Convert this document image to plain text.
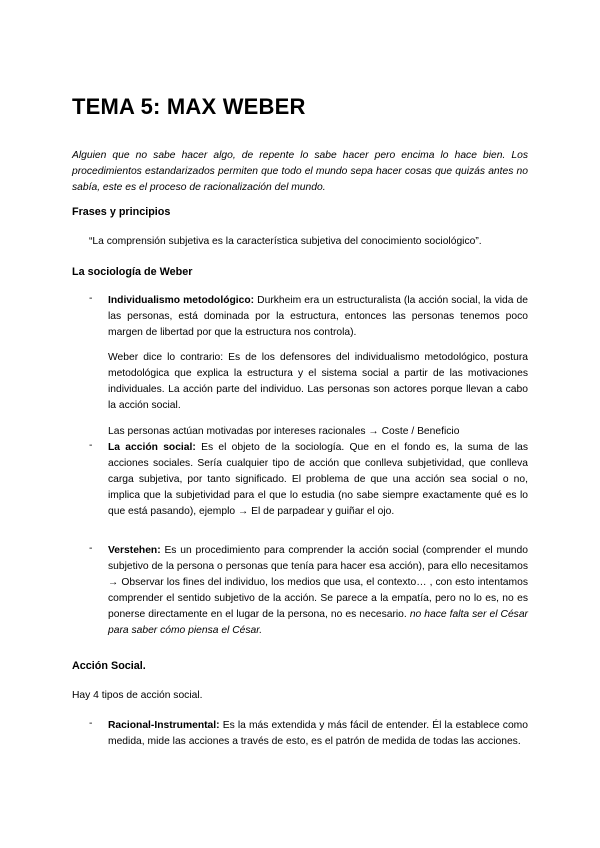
TEMA 5: MAX WEBER

Alguien que no sabe hacer algo, de repente lo sabe hacer pero encima lo hace bien. Los procedimientos estandarizados permiten que todo el mundo sepa hacer cosas que quizás antes no sabía, este es el proceso de racionalización del mundo.

Frases y principios

“La comprensión subjetiva es la característica subjetiva del conocimiento sociológico”.

La sociología de Weber
- Individualismo metodológico: Durkheim era un estructuralista (la acción social, la vida de las personas, está dominada por la estructura, entonces las personas tenemos poco margen de libertad por que la estructura nos controla).

Weber dice lo contrario: Es de los defensores del individualismo metodológico, postura metodológica que explica la estructura y el sistema social a partir de las motivaciones individuales. La acción parte del individuo. Las personas son actores porque llevan a cabo la acción social.

Las personas actúan motivadas por intereses racionales → Coste / Beneficio

- La acción social: Es el objeto de la sociología. Que en el fondo es, la suma de las acciones sociales. Sería cualquier tipo de acción que conlleva subjetividad, que conlleva carga subjetiva, por tanto significado. El problema de que una acción sea social o no, implica que la subjetividad para el que lo estudia (no sabe siempre exactamente qué es lo que está pasando), ejemplo → El de parpadear y guiñar el ojo.

- Verstehen: Es un procedimiento para comprender la acción social (comprender el mundo subjetivo de la persona o personas que tenía para hacer esa acción), para ello necesitamos → Observar los fines del individuo, los medios que usa, el contexto… , con esto intentamos comprender el sentido subjetivo de la acción. Se parece a la empatía, pero no lo es, no es ponerse directamente en el lugar de la persona, no es necesario. no hace falta ser el César para saber cómo piensa el César.

Acción Social.

Hay 4 tipos de acción social.

- Racional-Instrumental: Es la más extendida y más fácil de entender. Él la establece como medida, mide las acciones a través de esto, es el patrón de medida de todas las acciones.
